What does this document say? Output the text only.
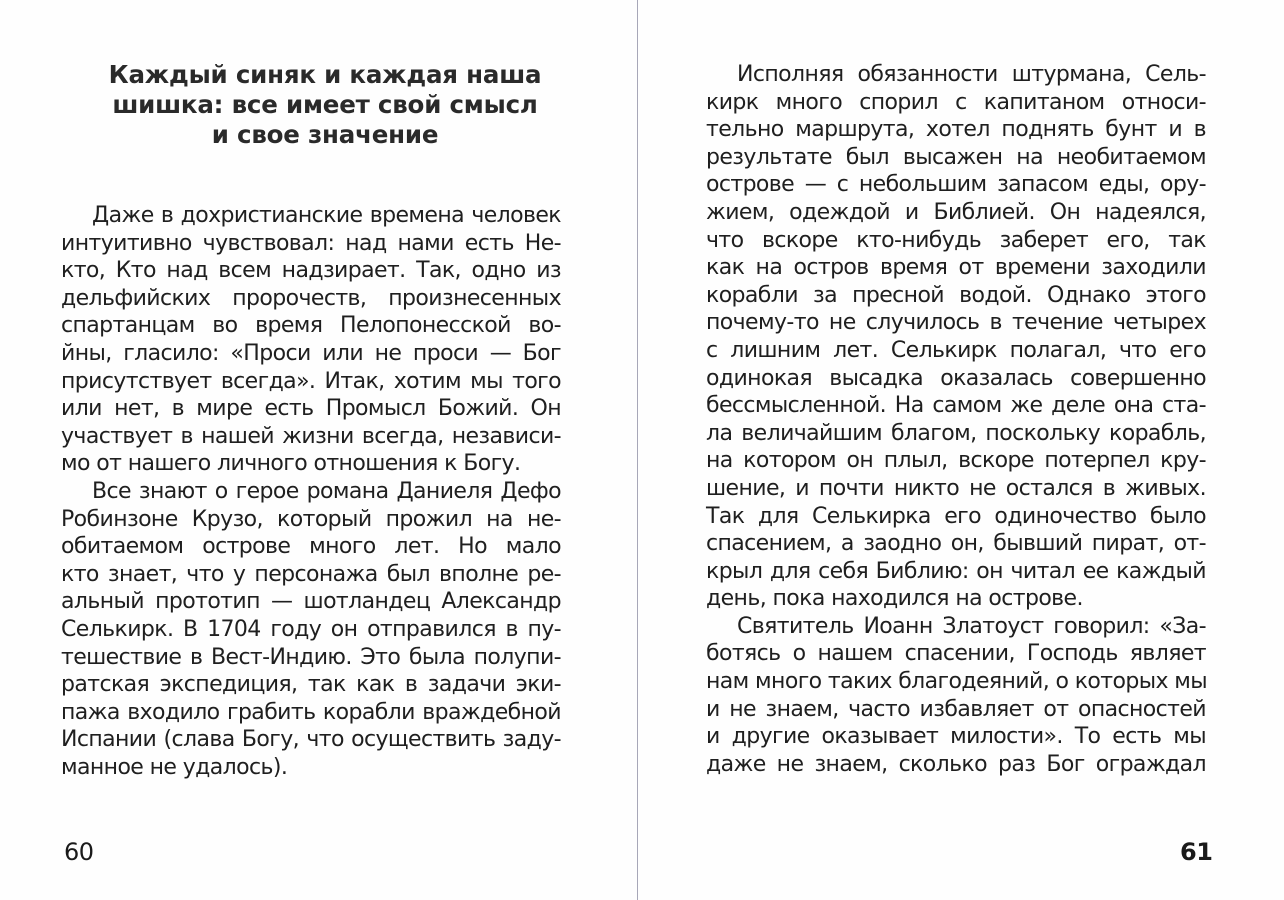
Каждый синяк и каждая наша
шишка: все имеет свой смысл
и свое значение
Даже в дохристианские времена человек
интуитивно чувствовал: над нами есть Не-
кто, Кто над всем надзирает. Так, одно из
дельфийских пророчеств, произнесенных
спартанцам во время Пелопонесской во-
йны, гласило: «Проси или не проси — Бог
присутствует всегда». Итак, хотим мы того
или нет, в мире есть Промысл Божий. Он
участвует в нашей жизни всегда, независи-
мо от нашего личного отношения к Богу.
Все знают о герое романа Даниеля Дефо
Робинзоне Крузо, который прожил на не-
обитаемом острове много лет. Но мало
кто знает, что у персонажа был вполне ре-
альный прототип — шотландец Александр
Селькирк. В 1704 году он отправился в пу-
тешествие в Вест-Индию. Это была полупи-
ратская экспедиция, так как в задачи эки-
пажа входило грабить корабли враждебной
Испании (слава Богу, что осуществить заду-
манное не удалось).
60
Исполняя обязанности штурмана, Сель-
кирк много спорил с капитаном относи-
тельно маршрута, хотел поднять бунт и в
результате был высажен на необитаемом
острове — с небольшим запасом еды, ору-
жием, одеждой и Библией. Он надеялся,
что вскоре кто-нибудь заберет его, так
как на остров время от времени заходили
корабли за пресной водой. Однако этого
почему-то не случилось в течение четырех
с лишним лет. Селькирк полагал, что его
одинокая высадка оказалась совершенно
бессмысленной. На самом же деле она ста-
ла величайшим благом, поскольку корабль,
на котором он плыл, вскоре потерпел кру-
шение, и почти никто не остался в живых.
Так для Селькирка его одиночество было
спасением, а заодно он, бывший пират, от-
крыл для себя Библию: он читал ее каждый
день, пока находился на острове.
Святитель Иоанн Златоуст говорил: «За-
ботясь о нашем спасении, Господь являет
нам много таких благодеяний, о которых мы
и не знаем, часто избавляет от опасностей
и другие оказывает милости». То есть мы
даже не знаем, сколько раз Бог ограждал
61
